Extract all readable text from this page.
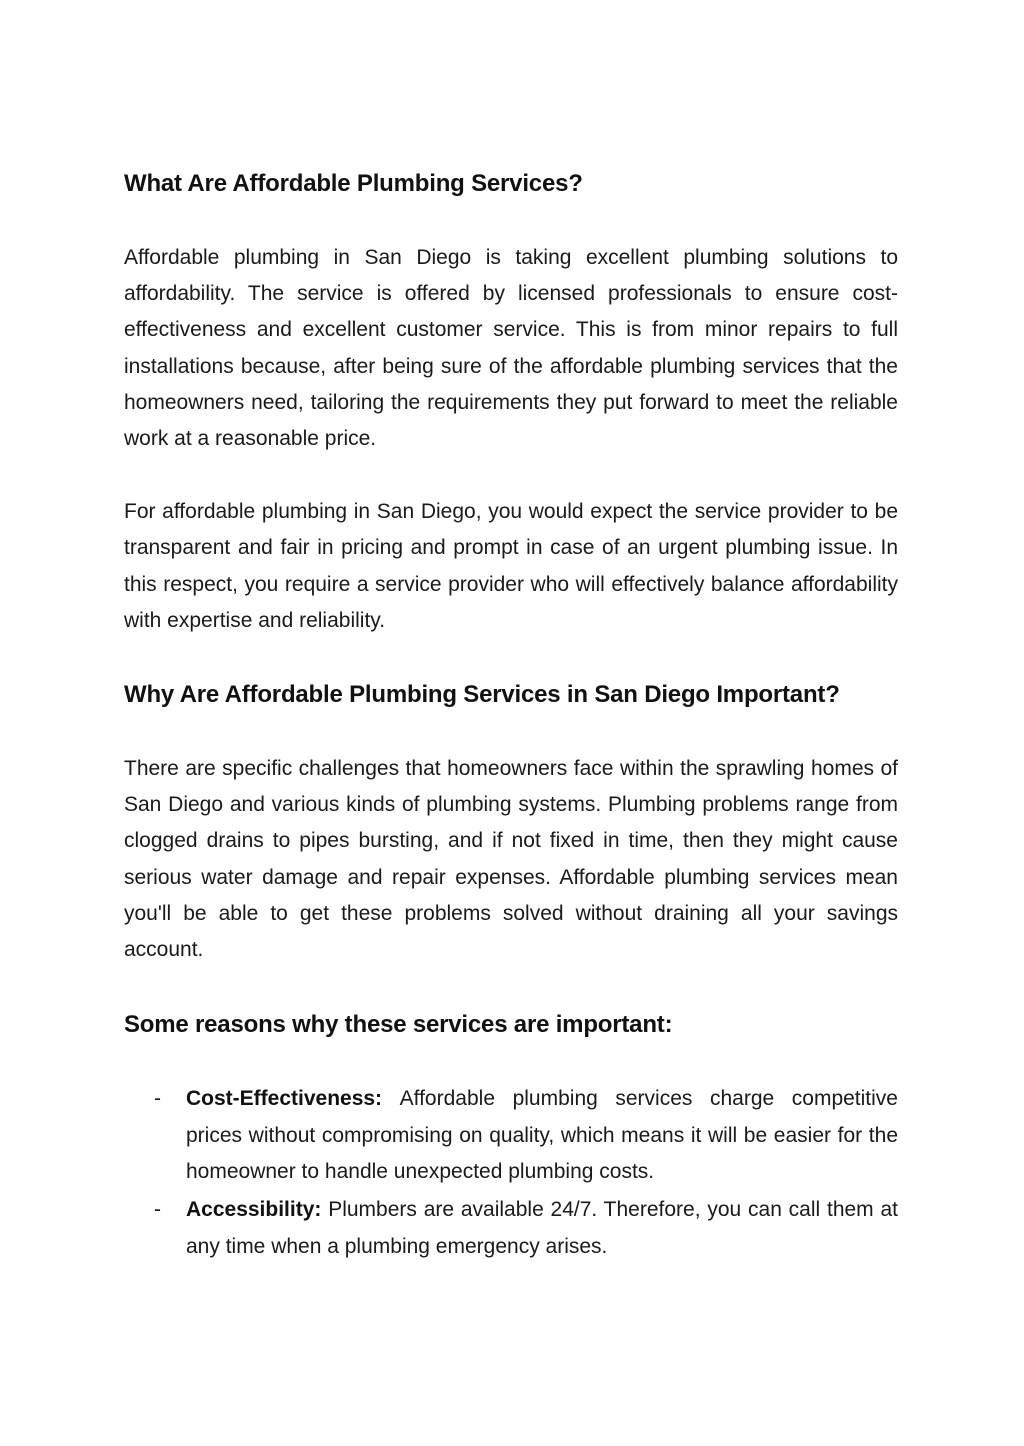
What Are Affordable Plumbing Services?

Affordable plumbing in San Diego is taking excellent plumbing solutions to affordability. The service is offered by licensed professionals to ensure cost-effectiveness and excellent customer service. This is from minor repairs to full installations because, after being sure of the affordable plumbing services that the homeowners need, tailoring the requirements they put forward to meet the reliable work at a reasonable price.

For affordable plumbing in San Diego, you would expect the service provider to be transparent and fair in pricing and prompt in case of an urgent plumbing issue. In this respect, you require a service provider who will effectively balance affordability with expertise and reliability.

Why Are Affordable Plumbing Services in San Diego Important?

There are specific challenges that homeowners face within the sprawling homes of San Diego and various kinds of plumbing systems. Plumbing problems range from clogged drains to pipes bursting, and if not fixed in time, then they might cause serious water damage and repair expenses. Affordable plumbing services mean you'll be able to get these problems solved without draining all your savings account.

Some reasons why these services are important:
- Cost-Effectiveness: Affordable plumbing services charge competitive prices without compromising on quality, which means it will be easier for the homeowner to handle unexpected plumbing costs.
- Accessibility: Plumbers are available 24/7. Therefore, you can call them at any time when a plumbing emergency arises.
